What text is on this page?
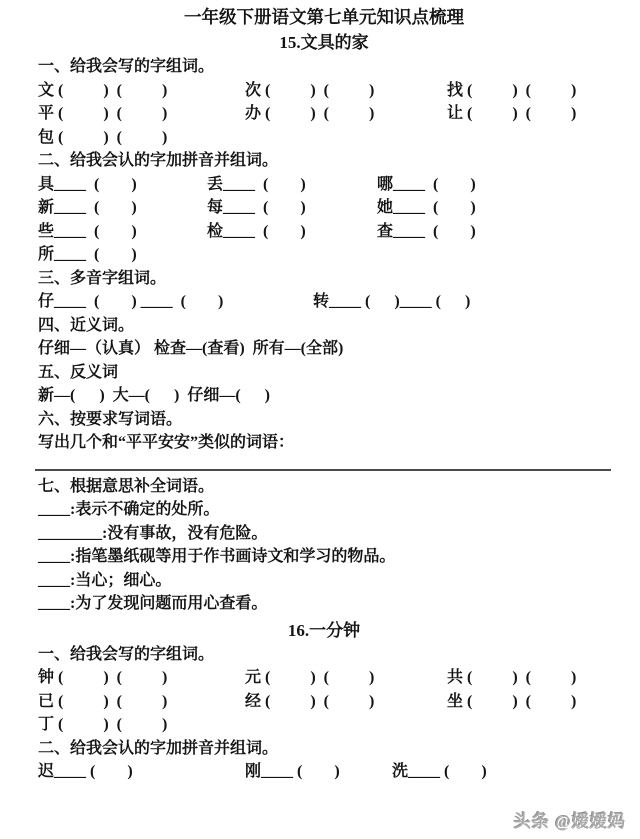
一年级下册语文第七单元知识点梳理
15.文具的家
一、给我会写的字组词。
文 (          )  (          )	次 (          )  (          )	找 (          )  (          )
平 (          )  (          )	办 (          )  (          )	让 (          )  (          )
包 (          )  (          )
二、给我会认的字加拼音并组词。
具____  (        )	丢____  (        )	哪____  (        )
新____  (        )	每____  (        )	她____  (        )
些____  (        )	检____  (        )	查____  (        )
所____  (        )
三、多音字组词。
仔____  (        ) ____  (        )	转____ (      )____ (      )
四、近义词。
仔细—（认真） 检查—(查看)  所有—(全部)
五、反义词
新—(      )  大—(      )  仔细—(      )
六、按要求写词语。
写出几个和“平平安安”类似的词语：
七、根据意思补全词语。
____:表示不确定的处所。
________:没有事故，没有危险。
____:指笔墨纸砚等用于作书画诗文和学习的物品。
____:当心；细心。
____:为了发现问题而用心查看。
16.一分钟
一、给我会写的字组词。
钟 (          )  (          )	元 (          )  (          )	共 (          )  (          )
已 (          )  (          )	经 (          )  (          )	坐 (          )  (          )
丁 (          )  (          )
二、给我会认的字加拼音并组词。
迟____ (        )	刚____ (        )	洗____ (        )
头条 @嫒嫒妈
